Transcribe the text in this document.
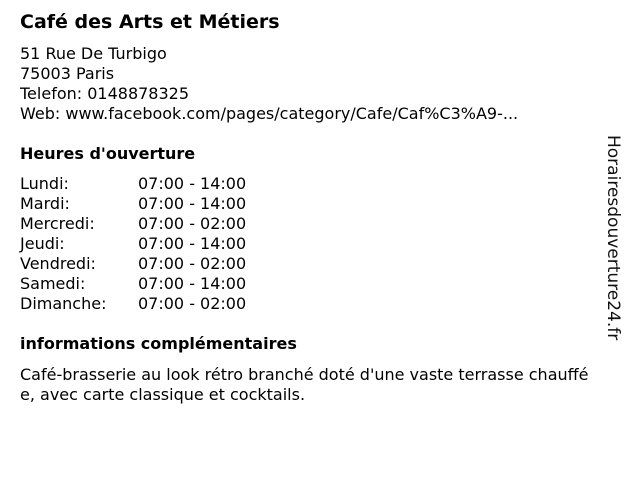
Café des Arts et Métiers
51 Rue De Turbigo
75003 Paris
Telefon: 0148878325
Web: www.facebook.com/pages/category/Cafe/Caf%C3%A9-...
Heures d'ouverture
Lundi:	07:00 - 14:00
Mardi:	07:00 - 14:00
Mercredi:	07:00 - 02:00
Jeudi:	07:00 - 14:00
Vendredi:	07:00 - 02:00
Samedi:	07:00 - 14:00
Dimanche: 07:00 - 02:00
informations complémentaires
Café-brasserie au look rétro branché doté d'une vaste terrasse chauffée, avec carte classique et cocktails.
Horairesdouverture24.fr
